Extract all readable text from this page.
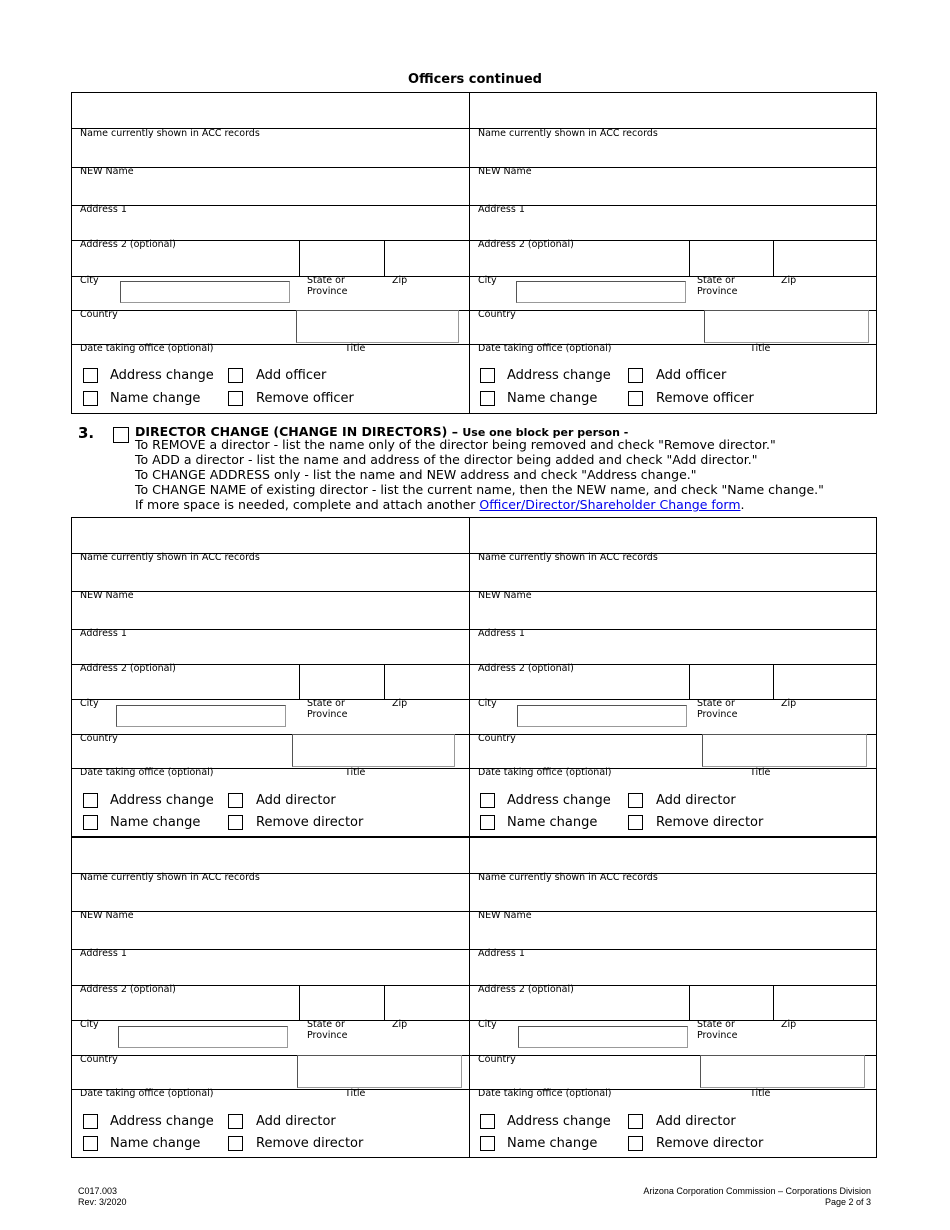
Officers continued
Name currently shown in ACC records
NEW Name
Address 1
Address 2 (optional)
City	State or
Province
Zip
Country
Date taking office (optional)	Title
Address change	Add officer
Name change	Remove officer
Name currently shown in ACC records
NEW Name
Address 1
Address 2 (optional)
City	State or
Province
Zip
Country
Date taking office (optional)	Title
Address change	Add officer
Name change	Remove officer
3.	DIRECTOR CHANGE (CHANGE IN DIRECTORS) – Use one block per person -
To REMOVE a director - list the name only of the director being removed and check "Remove director."
To ADD a director - list the name and address of the director being added and check "Add director."
To CHANGE ADDRESS only - list the name and NEW address and check "Address change."
To CHANGE NAME of existing director - list the current name, then the NEW name, and check "Name change."
If more space is needed, complete and attach another Officer/Director/Shareholder Change form.
Name currently shown in ACC records
NEW Name
Address 1
Address 2 (optional)
City	State or
Province
Zip
Country
Date taking office (optional)	Title
Address change	Add director
Name change	Remove director
Name currently shown in ACC records
NEW Name
Address 1
Address 2 (optional)
City	State or
Province
Zip
Country
Date taking office (optional)	Title
Address change	Add director
Name change	Remove director
Name currently shown in ACC records
NEW Name
Address 1
Address 2 (optional)
City	State or
Province
Zip
Country
Date taking office (optional)	Title
Address change	Add director
Name change	Remove director
Name currently shown in ACC records
NEW Name
Address 1
Address 2 (optional)
City	State or
Province
Zip
Country
Date taking office (optional)	Title
Address change	Add director
Name change	Remove director
C017.003
Rev: 3/2020
Arizona Corporation Commission – Corporations Division
Page 2 of 3
